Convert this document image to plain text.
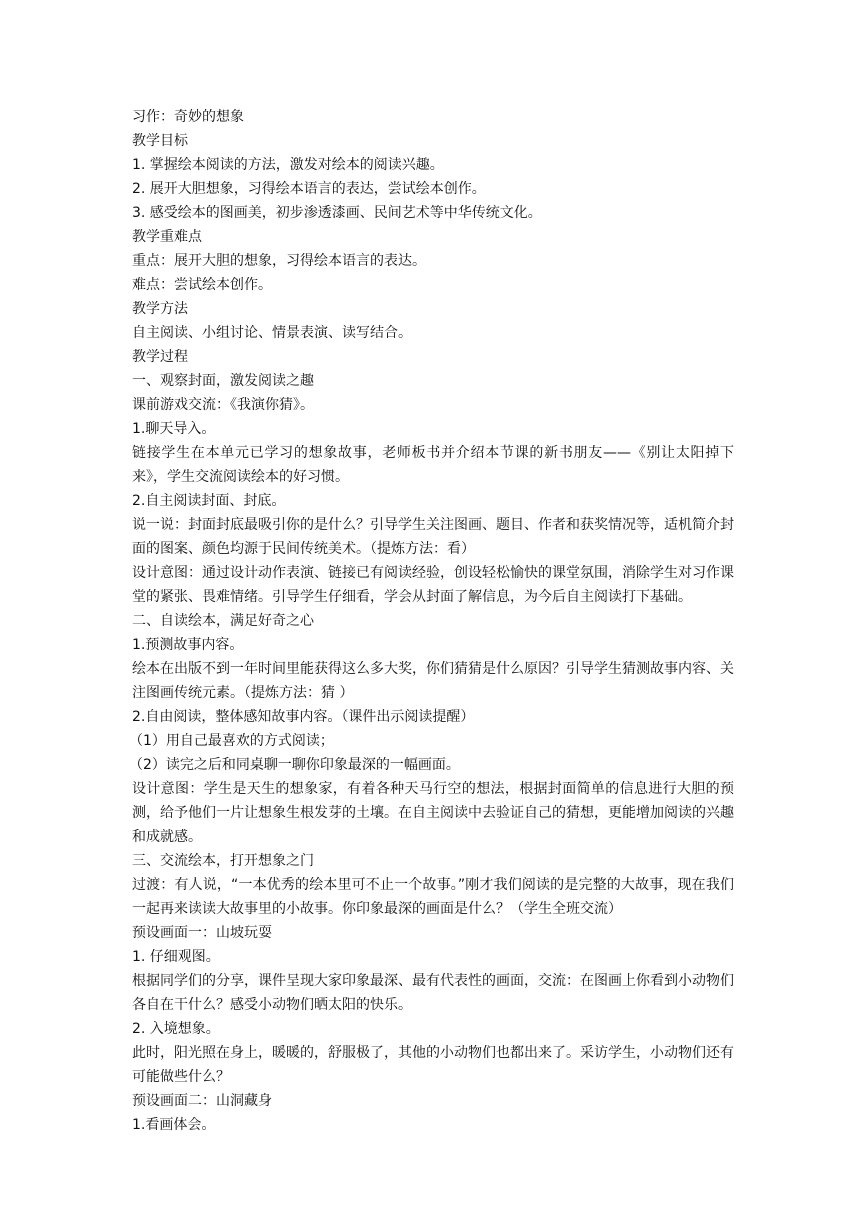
习作：奇妙的想象

教学目标

1. 掌握绘本阅读的方法，激发对绘本的阅读兴趣。

2. 展开大胆想象，习得绘本语言的表达，尝试绘本创作。

3. 感受绘本的图画美，初步渗透漆画、民间艺术等中华传统文化。

教学重难点

重点：展开大胆的想象，习得绘本语言的表达。

难点：尝试绘本创作。

教学方法

自主阅读、小组讨论、情景表演、读写结合。

教学过程

一、观察封面，激发阅读之趣

课前游戏交流：《我演你猜》。

1.聊天导入。

链接学生在本单元已学习的想象故事，老师板书并介绍本节课的新书朋友——《别让太阳掉下来》，学生交流阅读绘本的好习惯。

2.自主阅读封面、封底。

说一说：封面封底最吸引你的是什么？引导学生关注图画、题目、作者和获奖情况等，适机简介封面的图案、颜色均源于民间传统美术。（提炼方法：看）

设计意图：通过设计动作表演、链接已有阅读经验，创设轻松愉快的课堂氛围，消除学生对习作课堂的紧张、畏难情绪。引导学生仔细看，学会从封面了解信息，为今后自主阅读打下基础。

二、自读绘本，满足好奇之心

1.预测故事内容。

绘本在出版不到一年时间里能获得这么多大奖，你们猜猜是什么原因？引导学生猜测故事内容、关注图画传统元素。（提炼方法：猜 ）

2.自由阅读，整体感知故事内容。（课件出示阅读提醒）

（1）用自己最喜欢的方式阅读；

（2）读完之后和同桌聊一聊你印象最深的一幅画面。

设计意图：学生是天生的想象家，有着各种天马行空的想法，根据封面简单的信息进行大胆的预测，给予他们一片让想象生根发芽的土壤。在自主阅读中去验证自己的猜想，更能增加阅读的兴趣和成就感。

三、交流绘本，打开想象之门

过渡：有人说，“一本优秀的绘本里可不止一个故事。”刚才我们阅读的是完整的大故事，现在我们一起再来读读大故事里的小故事。你印象最深的画面是什么？（学生全班交流）

预设画面一：山坡玩耍

1. 仔细观图。

根据同学们的分享，课件呈现大家印象最深、最有代表性的画面，交流：在图画上你看到小动物们各自在干什么？感受小动物们晒太阳的快乐。

2. 入境想象。

此时，阳光照在身上，暖暖的，舒服极了，其他的小动物们也都出来了。采访学生，小动物们还有可能做些什么？

预设画面二：山洞藏身

1.看画体会。
